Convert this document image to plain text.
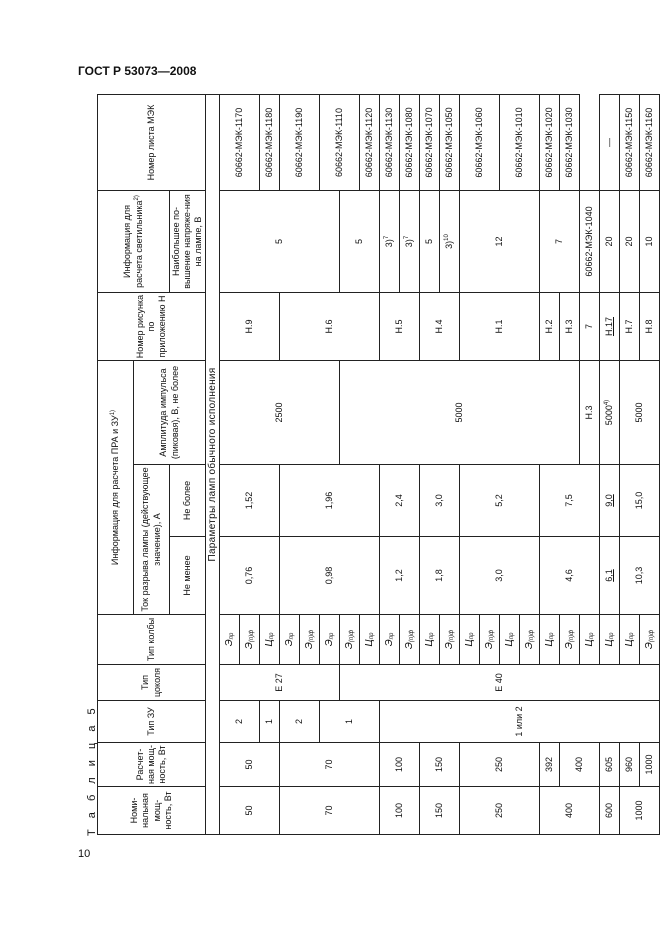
ГОСТ Р 53073—2008
10
Т а б л и ц а 5	Номи-нальная мощ-ность, Вт	Расчет-ная мощ-ность, Вт	Тип ЗУ	Тип цоколя	Тип колбы	Информация для расчета ПРА и ЗУ$^{1)}$			Номер рисунка по приложению Н	Информация для расчета светильника$^{2)}$	Номер листа МЭК
					Ток разрыва лампы (действующее значение), А		Амплитуда импульса (пиковая), В, не более			
					Не менее	Не более			Наибольшее по-вышение напряже-ния на лампе, В	
Параметры ламп обычного исполнения										
50	50	2	Е 27	Эпр	0,76	1,52	2500	Н.9	5	60662-МЭК-1170
				Э(п)ф						
		1		Цпр						60662-МЭК-1180
70	70	2		Эпр	0,98	1,96		Н.6		60662-МЭК-1190
				Э(п)ф						
		1		Эпр						60662-МЭК-1110
			Е 40	Э(п)ф			5000		5	
				Цпр						60662-МЭК-1120
100	100	1 или 2		Эпр	1,2	2,4		Н.5	3)$^7$	60662-МЭК-1130
				Э(п)ф					3)$^7$	60662-МЭК-1080
150	150			Цпр	1,8	3,0		Н.4	5	60662-МЭК-1070
				Э(п)ф					3)$^{10}$	60662-МЭК-1050
250	250			Цпр	3,0	5,2		Н.1	12	60662-МЭК-1060
				Э(п)ф						
				Цпр						60662-МЭК-1010
				Э(п)ф						
400	392			Цпр	4,6	7,5		Н.2	7	60662-МЭК-1020
	400			Э(п)ф				Н.3		60662-МЭК-1030
				Цпр			Н.3	7	60662-МЭК-1040	
600	605			Цпр	6,1	9,0	5000$^{4)}$	Н.17	20	—
1000	960			Цпр	10,3	15,0	5000	Н.7	20	60662-МЭК-1150
	1000			Э(п)ф				Н.8	10	60662-МЭК-1160
